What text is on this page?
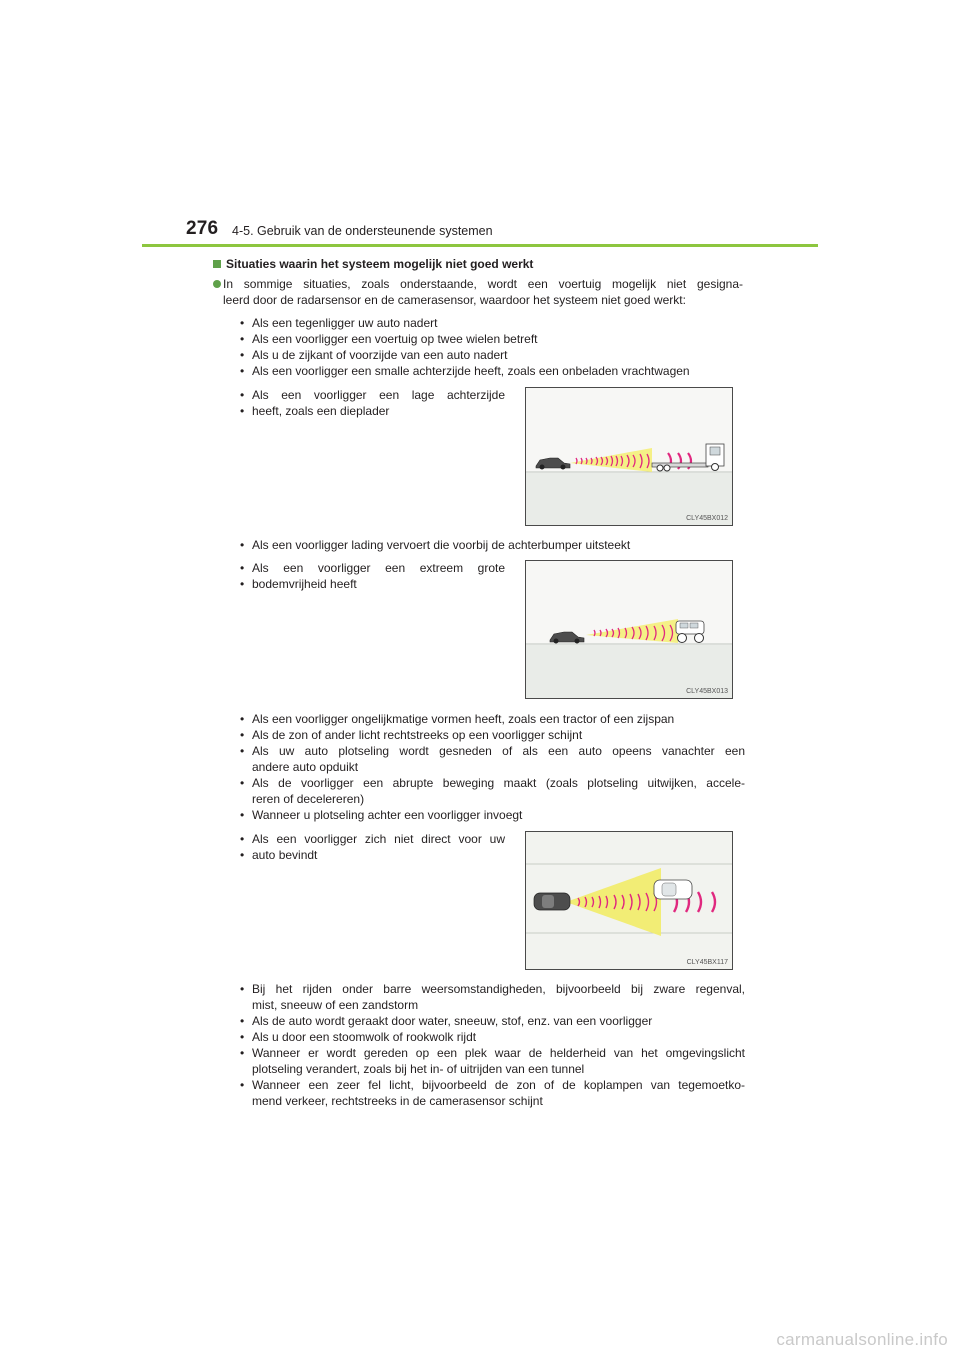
276 4-5. Gebruik van de ondersteunende systemen
Situaties waarin het systeem mogelijk niet goed werkt

In sommige situaties, zoals onderstaande, wordt een voertuig mogelijk niet gesigna-

leerd door de radarsensor en de camerasensor, waardoor het systeem niet goed werkt:

• Als een tegenligger uw auto nadert
• Als een voorligger een voertuig op twee wielen betreft
• Als u de zijkant of voorzijde van een auto nadert
• Als een voorligger een smalle achterzijde heeft, zoals een onbeladen vrachtwagen
• Als een voorligger een lage achterzijde
• heeft, zoals een dieplader
CLY45BX012
• Als een voorligger lading vervoert die voorbij de achterbumper uitsteekt
• Als een voorligger een extreem grote
• bodemvrijheid heeft
CLY45BX013
• Als een voorligger ongelijkmatige vormen heeft, zoals een tractor of een zijspan
• Als de zon of ander licht rechtstreeks op een voorligger schijnt
• Als uw auto plotseling wordt gesneden of als een auto opeens vanachter een
andere auto opduikt
• Als de voorligger een abrupte beweging maakt (zoals plotseling uitwijken, accele-
reren of decelereren)
• Wanneer u plotseling achter een voorligger invoegt
• Als een voorligger zich niet direct voor uw
• auto bevindt
CLY45BX117
• Bij het rijden onder barre weersomstandigheden, bijvoorbeeld bij zware regenval,
mist, sneeuw of een zandstorm
• Als de auto wordt geraakt door water, sneeuw, stof, enz. van een voorligger
• Als u door een stoomwolk of rookwolk rijdt
• Wanneer er wordt gereden op een plek waar de helderheid van het omgevingslicht
plotseling verandert, zoals bij het in- of uitrijden van een tunnel
• Wanneer een zeer fel licht, bijvoorbeeld de zon of de koplampen van tegemoetko-
mend verkeer, rechtstreeks in de camerasensor schijnt
carmanualsonline.info
